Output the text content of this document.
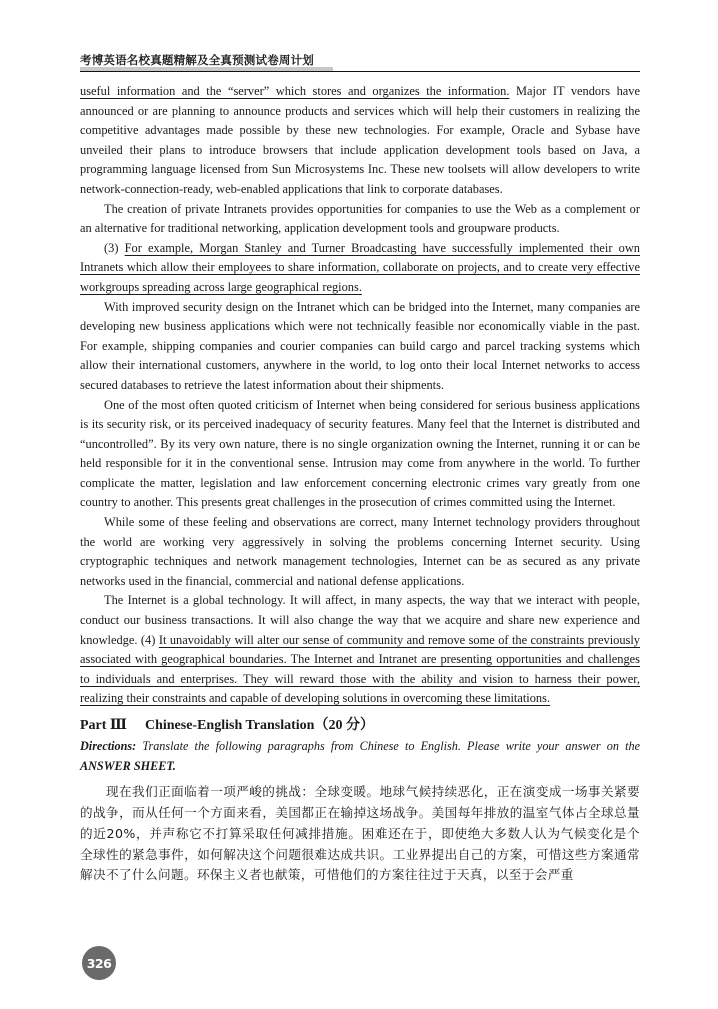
考博英语名校真题精解及全真预测试卷周计划

useful information and the “server” which stores and organizes the information. Major IT vendors have announced or are planning to announce products and services which will help their customers in realizing the competitive advantages made possible by these new technologies. For example, Oracle and Sybase have unveiled their plans to introduce browsers that include application development tools based on Java, a programming language licensed from Sun Microsystems Inc. These new toolsets will allow developers to write network-connection-ready, web-enabled applications that link to corporate databases.

The creation of private Intranets provides opportunities for companies to use the Web as a complement or an alternative for traditional networking, application development tools and groupware products.

(3) For example, Morgan Stanley and Turner Broadcasting have successfully implemented their own Intranets which allow their employees to share information, collaborate on projects, and to create very effective workgroups spreading across large geographical regions.

With improved security design on the Intranet which can be bridged into the Internet, many companies are developing new business applications which were not technically feasible nor economically viable in the past. For example, shipping companies and courier companies can build cargo and parcel tracking systems which allow their international customers, anywhere in the world, to log onto their local Internet networks to access secured databases to retrieve the latest information about their shipments.

One of the most often quoted criticism of Internet when being considered for serious business applications is its security risk, or its perceived inadequacy of security features. Many feel that the Internet is distributed and “uncontrolled”. By its very own nature, there is no single organization owning the Internet, running it or can be held responsible for it in the conventional sense. Intrusion may come from anywhere in the world. To further complicate the matter, legislation and law enforcement concerning electronic crimes vary greatly from one country to another. This presents great challenges in the prosecution of crimes committed using the Internet.

While some of these feeling and observations are correct, many Internet technology providers throughout the world are working very aggressively in solving the problems concerning Internet security. Using cryptographic techniques and network management technologies, Internet can be as secured as any private networks used in the financial, commercial and national defense applications.

The Internet is a global technology. It will affect, in many aspects, the way that we interact with people, conduct our business transactions. It will also change the way that we acquire and share new experience and knowledge. (4) It unavoidably will alter our sense of community and remove some of the constraints previously associated with geographical boundaries. The Internet and Intranet are presenting opportunities and challenges to individuals and enterprises. They will reward those with the ability and vision to harness their power, realizing their constraints and capable of developing solutions in overcoming these limitations.

Part Ⅲ Chinese-English Translation（20 分）

Directions: Translate the following paragraphs from Chinese to English. Please write your answer on the ANSWER SHEET.

现在我们正面临着一项严峻的挑战：全球变暖。地球气候持续恶化，正在演变成一场事关紧要的战争，而从任何一个方面来看，美国都正在输掉这场战争。美国每年排放的温室气体占全球总量的近20%，并声称它不打算采取任何减排措施。困难还在于，即使绝大多数人认为气候变化是个全球性的紧急事件，如何解决这个问题很难达成共识。工业界提出自己的方案，可惜这些方案通常解决不了什么问题。环保主义者也献策，可惜他们的方案往往过于天真，以至于会严重

326
